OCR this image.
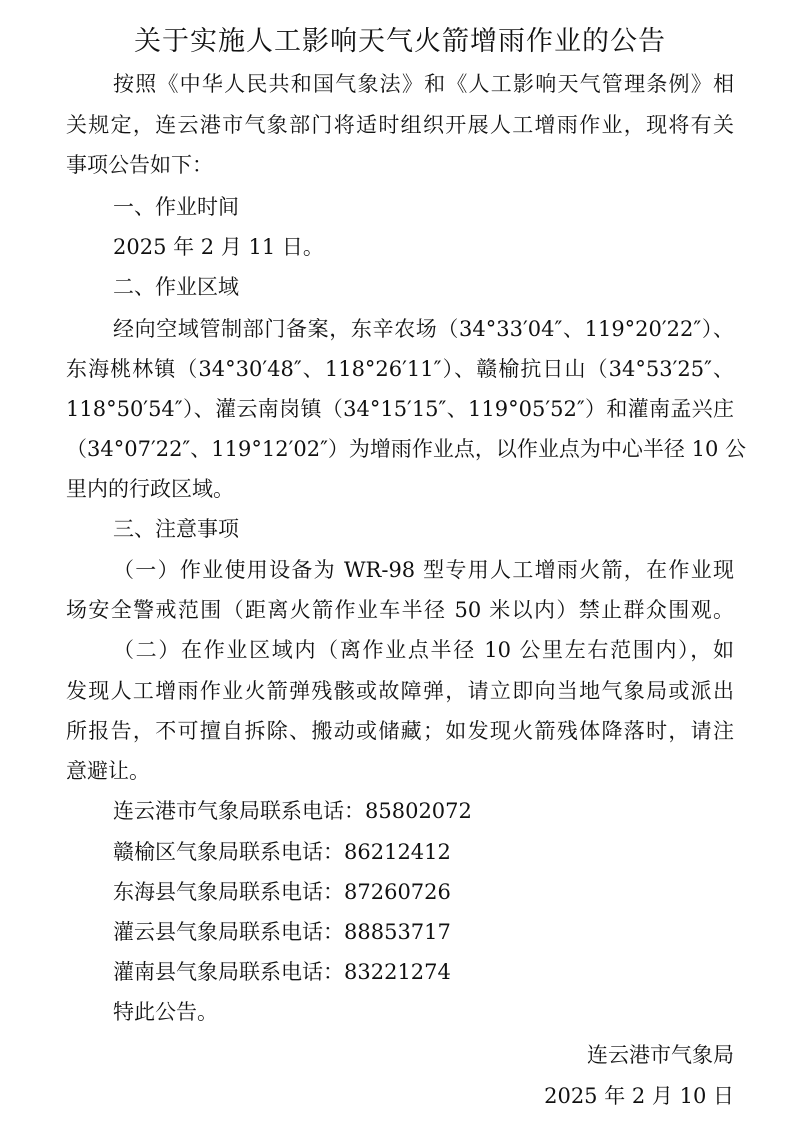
关于实施人工影响天气火箭增雨作业的公告

按照《中华人民共和国气象法》和《人工影响天气管理条例》相

关规定，连云港市气象部门将适时组织开展人工增雨作业，现将有关

事项公告如下：

一、作业时间

2025 年 2 月 11 日。

二、作业区域

经向空域管制部门备案，东辛农场（34°33′04″、119°20′22″）、

东海桃林镇（34°30′48″、118°26′11″）、赣榆抗日山（34°53′25″、

118°50′54″）、灌云南岗镇（34°15′15″、119°05′52″）和灌南孟兴庄

（34°07′22″、119°12′02″）为增雨作业点，以作业点为中心半径 10 公

里内的行政区域。

三、注意事项

（一）作业使用设备为 WR-98 型专用人工增雨火箭，在作业现

场安全警戒范围（距离火箭作业车半径 50 米以内）禁止群众围观。

（二）在作业区域内（离作业点半径 10 公里左右范围内），如

发现人工增雨作业火箭弹残骸或故障弹，请立即向当地气象局或派出

所报告，不可擅自拆除、搬动或储藏；如发现火箭残体降落时，请注

意避让。

连云港市气象局联系电话：85802072

赣榆区气象局联系电话：86212412

东海县气象局联系电话：87260726

灌云县气象局联系电话：88853717

灌南县气象局联系电话：83221274

特此公告。

连云港市气象局

2025 年 2 月 10 日
